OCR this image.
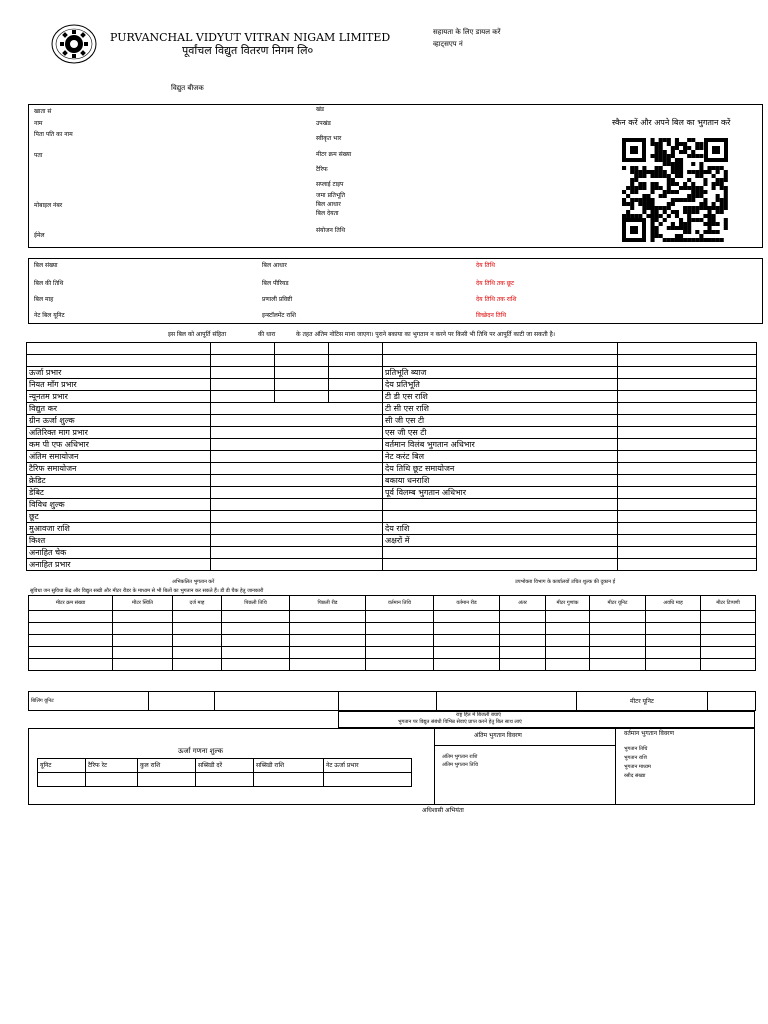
PURVANCHAL VIDYUT VITRAN NIGAM LIMITED
पूर्वांचल विद्युत वितरण निगम लि०
सहायता के लिए डायल करें
व्हाट्सएप नं
विद्युत बीजक
खाता सं
नाम
पिता पति का नाम
पता
मोबाइल नंबर
ईमेल
खंड
उपखंड
स्वीकृत भार
मीटर क्रम संख्या
टैरिफ
सप्लाई टाइप
जमा प्रतिभूति
बिल आधार
बिल देयता
संयोजन तिथि
स्कैन करें और अपने बिल का भुगतान करें
बिल संख्या	बिल आधार	देय तिथि
बिल की तिथि	बिल पीरियड	देय तिथि तक छूट
बिल माह	प्रणाली प्रविष्टी	देय तिथि तक राशि
नेट बिल यूनिट	इन्स्टॉलमेंट राशि	विच्छेदन तिथि
इस बिल को आपूर्ति संहिता	की धारा	के तहत अंतिम नोटिस माना जाएगा। पुराने बकाया का भुगतान न करने पर किसी भी तिथि पर आपूर्ति काटी जा सकती है।

ऊर्जा प्रभार				प्रतिभूति ब्याज	
नियत माँग प्रभार				देय प्रतिभूति	
न्यूनतम प्रभार				टी डी एस राशि	
विद्युत कर				टी सी एस राशि	
ग्रीन ऊर्जा शुल्क				सी जी एस टी	
अतिरिक्त माग प्रभार				एस जी एस टी	
कम पी एफ अधिभार				वर्तमान विलंब भुगतान अधिभार	
अंतिम समायोजन				नेट करंट बिल	
टैरिफ समायोजन				देय तिथि छूट समायोजन	
क्रेडिट				बकाया धनराशि	
डेबिट				पूर्व विलम्ब भुगतान अधिभार	
विविध शुल्क					
छूट					
मुआवजा राशि				देय राशि	
किश्त				अक्षरों में	
अनाहित चेक					
अनाहित प्रभार					
अभिकलित भुगतान करें	उपभोक्ता विभाग के कार्यालयों उचित शुल्क की दुकान ई
सुविधा जन सुविधा केंद्र और विद्युत सखी और मीटर रीडर के माध्यम से भी बिलों का भुगतान कर सकते हैं। डी डी चैक हेतु जानकारी
मीटर क्रम संख्या	मीटर स्थिति	दर्ज माह	पिछली तिथि	पिछली रीड	वर्तमान तिथि	वर्तमान रीड	अंतर	मीटर गुणांक	मीटर यूनिट	अवधि माह	मीटर टिप्पणी

बिलिंग यूनिट					मीटर यूनिट	
राष्ट्र हित में बिजली बचाएं
भुगतान पर विद्युत संबंधी विभिन्न सेवाएं प्राप्त करने हेतु बिल साथ लाएं
अंतिम भुगतान विवरण	वर्तमान भुगतान विवरण
अंतिम भुगतान राशि
अंतिम भुगतान तिथि
भुगतान तिथि
भुगतान राशि
भुगतान माध्यम
रसीद संख्या
ऊर्जा गणना शुल्क
यूनिट	टैरिफ रेट	कुल राशि	सब्सिडी दरें	सब्सिडी राशि	नेट ऊर्जा प्रभार

अधिशासी अभियंता
